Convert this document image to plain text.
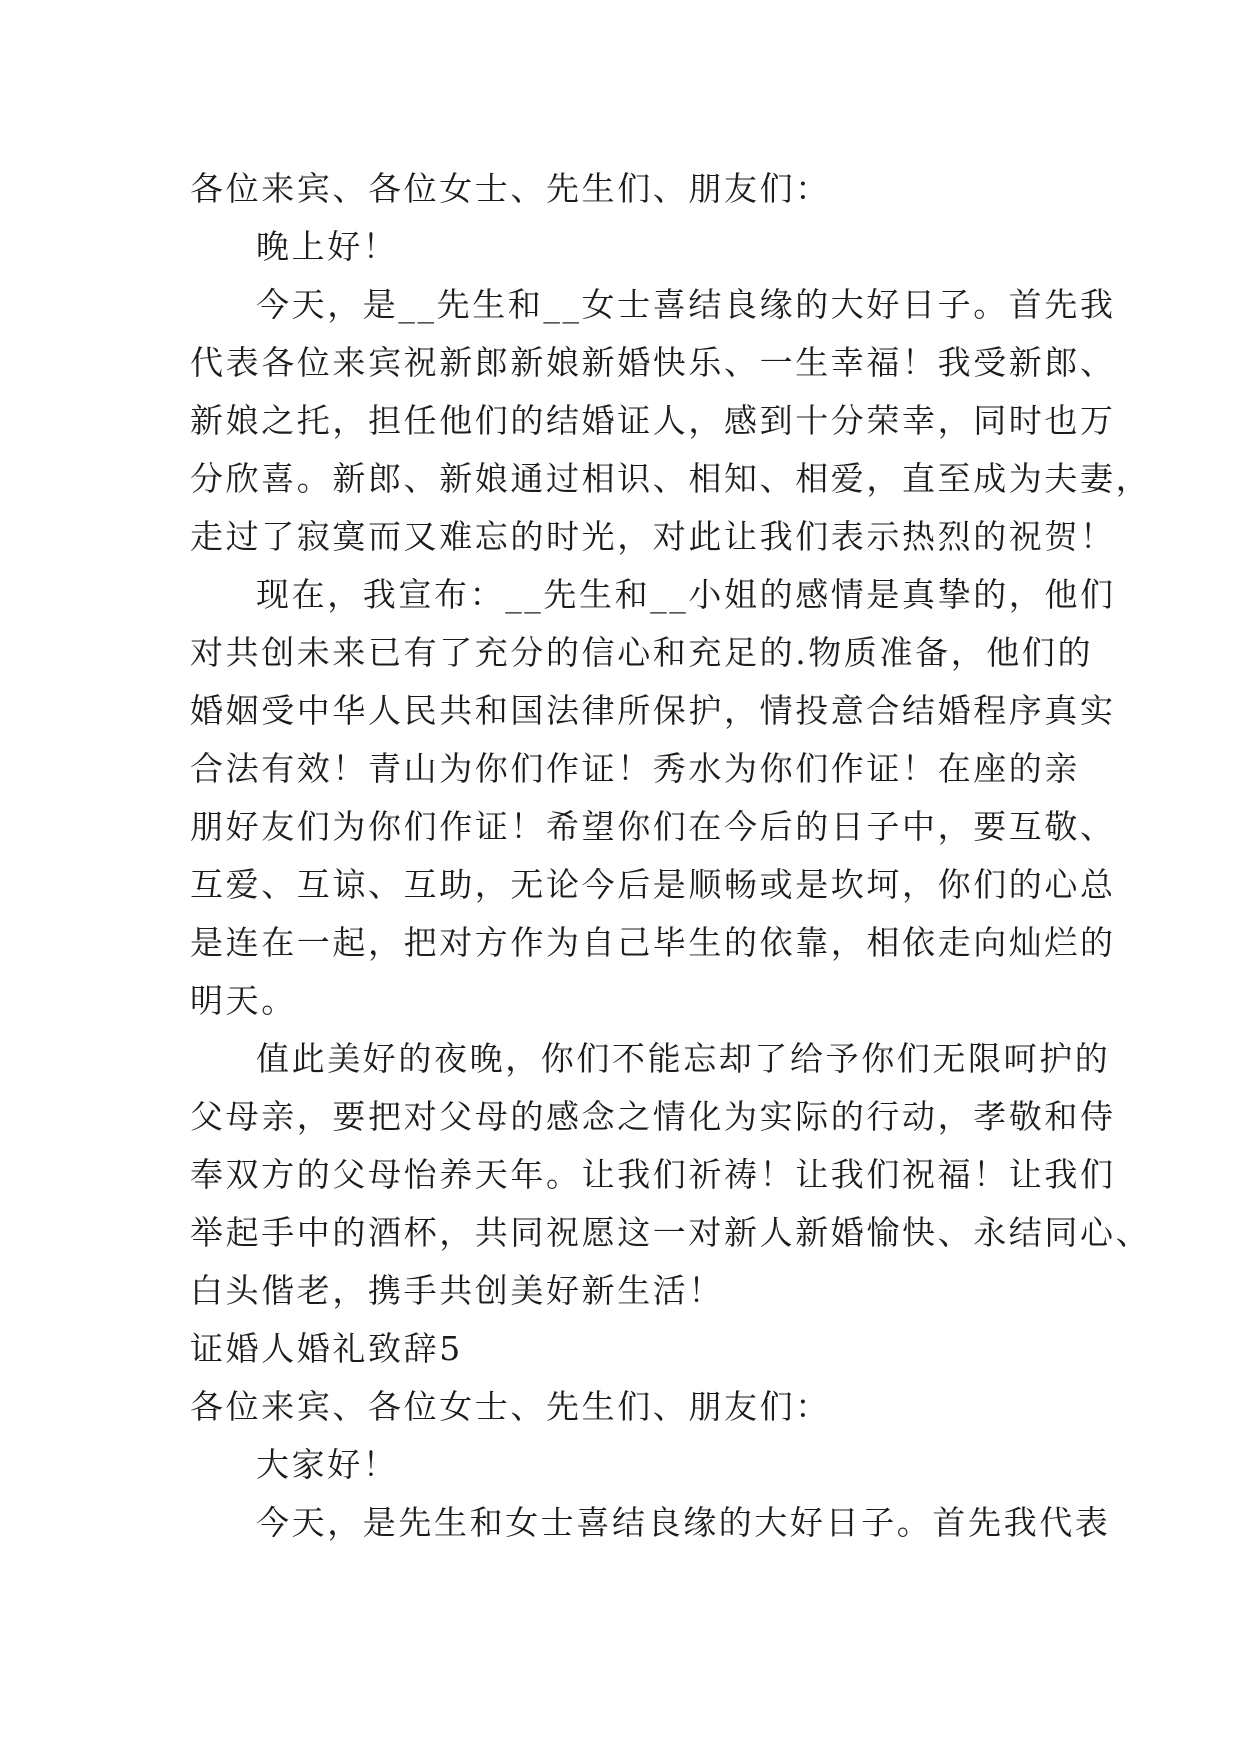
各位来宾、各位女士、先生们、朋友们：
晚上好！
今天，是__先生和__女士喜结良缘的大好日子。首先我
代表各位来宾祝新郎新娘新婚快乐、一生幸福！我受新郎、
新娘之托，担任他们的结婚证人，感到十分荣幸，同时也万
分欣喜。新郎、新娘通过相识、相知、相爱，直至成为夫妻，
走过了寂寞而又难忘的时光，对此让我们表示热烈的祝贺！
现在，我宣布：__先生和__小姐的感情是真挚的，他们
对共创未来已有了充分的信心和充足的.物质准备，他们的
婚姻受中华人民共和国法律所保护，情投意合结婚程序真实
合法有效！青山为你们作证！秀水为你们作证！在座的亲
朋好友们为你们作证！希望你们在今后的日子中，要互敬、
互爱、互谅、互助，无论今后是顺畅或是坎坷，你们的心总
是连在一起，把对方作为自己毕生的依靠，相依走向灿烂的
明天。
值此美好的夜晚，你们不能忘却了给予你们无限呵护的
父母亲，要把对父母的感念之情化为实际的行动，孝敬和侍
奉双方的父母怡养天年。让我们祈祷！让我们祝福！让我们
举起手中的酒杯，共同祝愿这一对新人新婚愉快、永结同心、
白头偕老，携手共创美好新生活！
证婚人婚礼致辞5
各位来宾、各位女士、先生们、朋友们：
大家好！
今天，是先生和女士喜结良缘的大好日子。首先我代表
